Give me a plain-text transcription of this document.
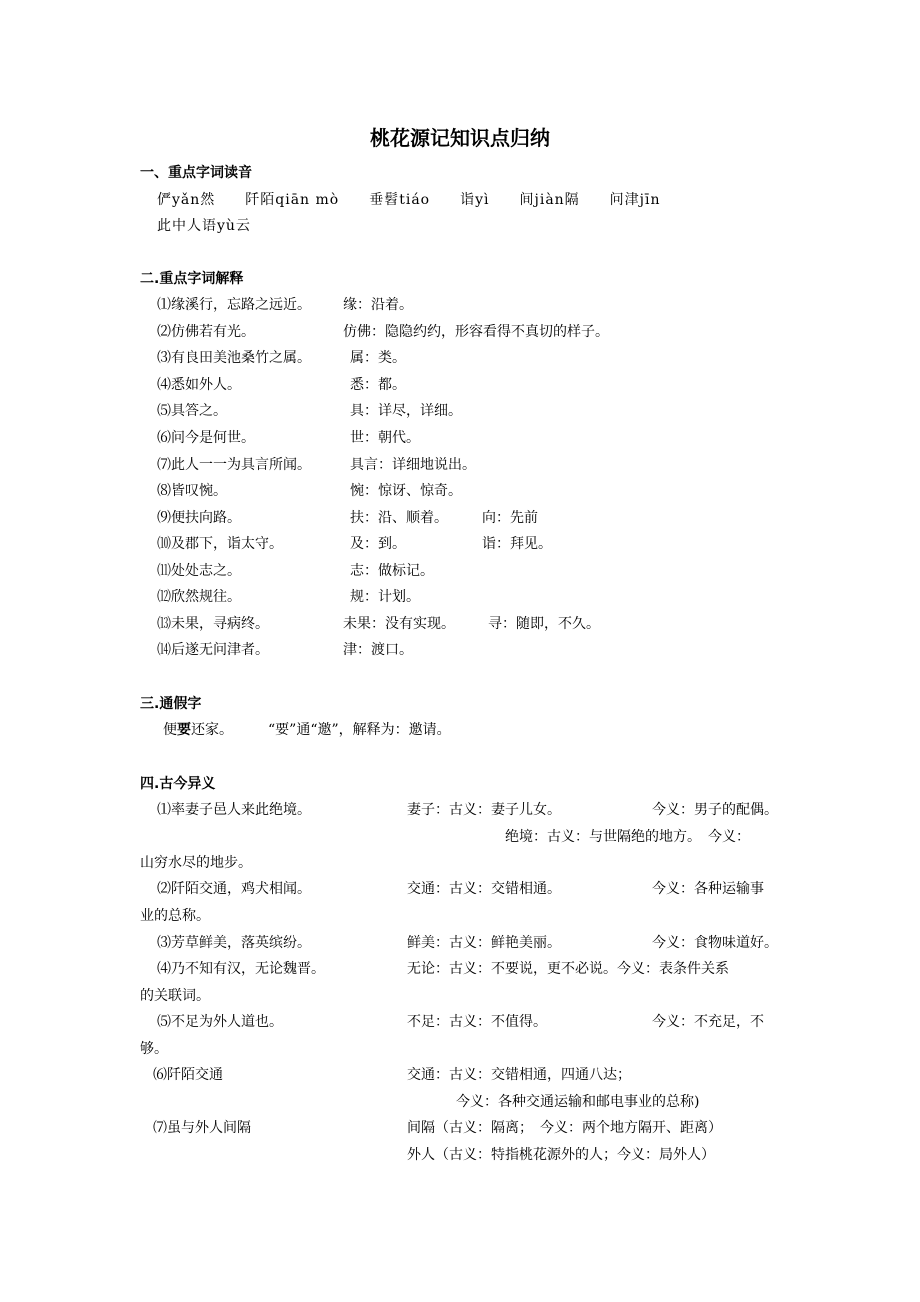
桃花源记知识点归纳
一、重点字词读音
俨yǎn然　　阡陌qiān mò　　垂髫tiáo　　诣yì　　间jiàn隔　　问津jīn
此中人语yù云
二.重点字词解释
⑴缘溪行，忘路之远近。 缘：沿着。
⑵仿佛若有光。	仿佛：隐隐约约，形容看得不真切的样子。
⑶有良田美池桑竹之属。	属：类。
⑷悉如外人。	悉：都。
⑸具答之。	具：详尽，详细。
⑹问今是何世。	世：朝代。
⑺此人一一为具言所闻。	具言：详细地说出。
⑻皆叹惋。	惋：惊讶、惊奇。
⑼便扶向路。	扶：沿、顺着。 向：先前
⑽及郡下，诣太守。	及：到。	诣：拜见。
⑾处处志之。	志：做标记。
⑿欣然规往。	规：计划。
⒀未果，寻病终。	未果：没有实现。 寻：随即，不久。
⒁后遂无问津者。	津：渡口。
三.通假字
便要还家。　　　“要”通“邀”，解释为：邀请。
四.古今异义
⑴率妻子邑人来此绝境。	妻子：古义：妻子儿女。	今义：男子的配偶。
绝境：古义：与世隔绝的地方。　今义：
山穷水尽的地步。
⑵阡陌交通，鸡犬相闻。	交通：古义：交错相通。	今义：各种运输事
业的总称。
⑶芳草鲜美，落英缤纷。	鲜美：古义：鲜艳美丽。	今义：食物味道好。
⑷乃不知有汉，无论魏晋。	无论：古义：不要说，更不必说。今义：表条件关系
的关联词。
⑸不足为外人道也。	不足：古义：不值得。	今义：不充足，不
够。
⑹阡陌交通	交通：古义：交错相通，四通八达；
今义：各种交通运输和邮电事业的总称)
⑺虽与外人间隔	间隔（古义：隔离；　今义：两个地方隔开、距离）
外人（古义：特指桃花源外的人；今义：局外人）
